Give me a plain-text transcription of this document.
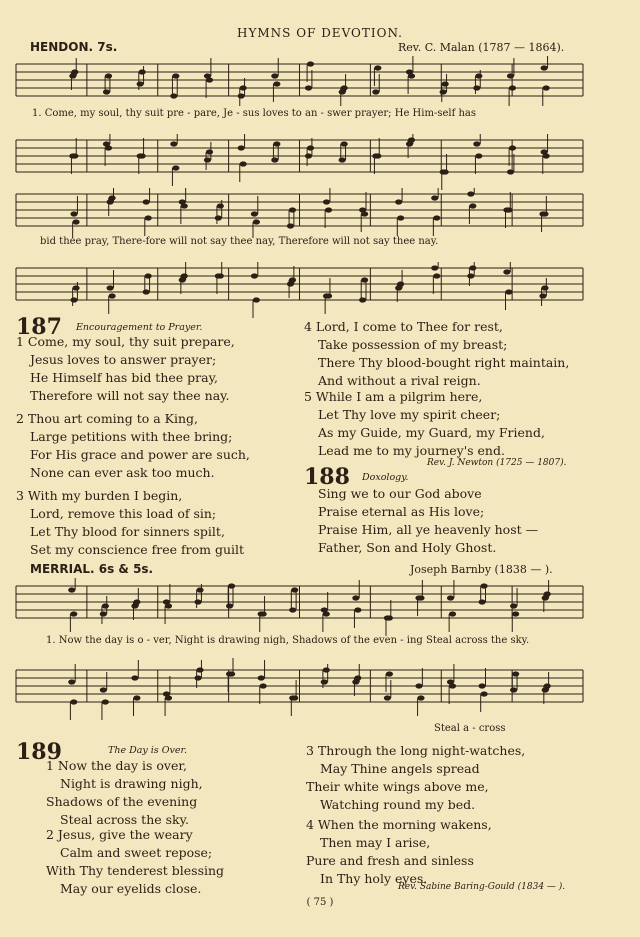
HYMNS OF DEVOTION.
HENDON. 7s.	Rev. C. Malan (1787 — 1864).
1. Come, my soul, thy suit pre - pare, Je - sus loves to an - swer prayer; He Him-self has
bid thee pray, There-fore will not say thee nay, Therefore will not say thee nay.
187 Encouragement to Prayer.
1 Come, my soul, thy suit prepare,
Jesus loves to answer prayer;
He Himself has bid thee pray,
Therefore will not say thee nay.
2 Thou art coming to a King,
Large petitions with thee bring;
For His grace and power are such,
None can ever ask too much.
3 With my burden I begin,
Lord, remove this load of sin;
Let Thy blood for sinners spilt,
Set my conscience free from guilt
4 Lord, I come to Thee for rest,
Take possession of my breast;
There Thy blood-bought right maintain,
And without a rival reign.
5 While I am a pilgrim here,
Let Thy love my spirit cheer;
As my Guide, my Guard, my Friend,
Lead me to my journey's end.
Rev. J. Newton (1725 — 1807).
188 Doxology.
Sing we to our God above
Praise eternal as His love;
Praise Him, all ye heavenly host —
Father, Son and Holy Ghost.
MERRIAL. 6s & 5s.	Joseph Barnby (1838 — ).
1. Now the day is o - ver, Night is drawing nigh, Shadows of the even - ing Steal across the sky.
Steal a - cross
189	The Day is Over.
1 Now the day is over,
Night is drawing nigh,
Shadows of the evening
Steal across the sky.
2 Jesus, give the weary
Calm and sweet repose;
With Thy tenderest blessing
May our eyelids close.
3 Through the long night-watches,
May Thine angels spread
Their white wings above me,
Watching round my bed.
4 When the morning wakens,
Then may I arise,
Pure and fresh and sinless
In Thy holy eyes.
Rev. Sabine Baring-Gould (1834 — ).
( 75 )
